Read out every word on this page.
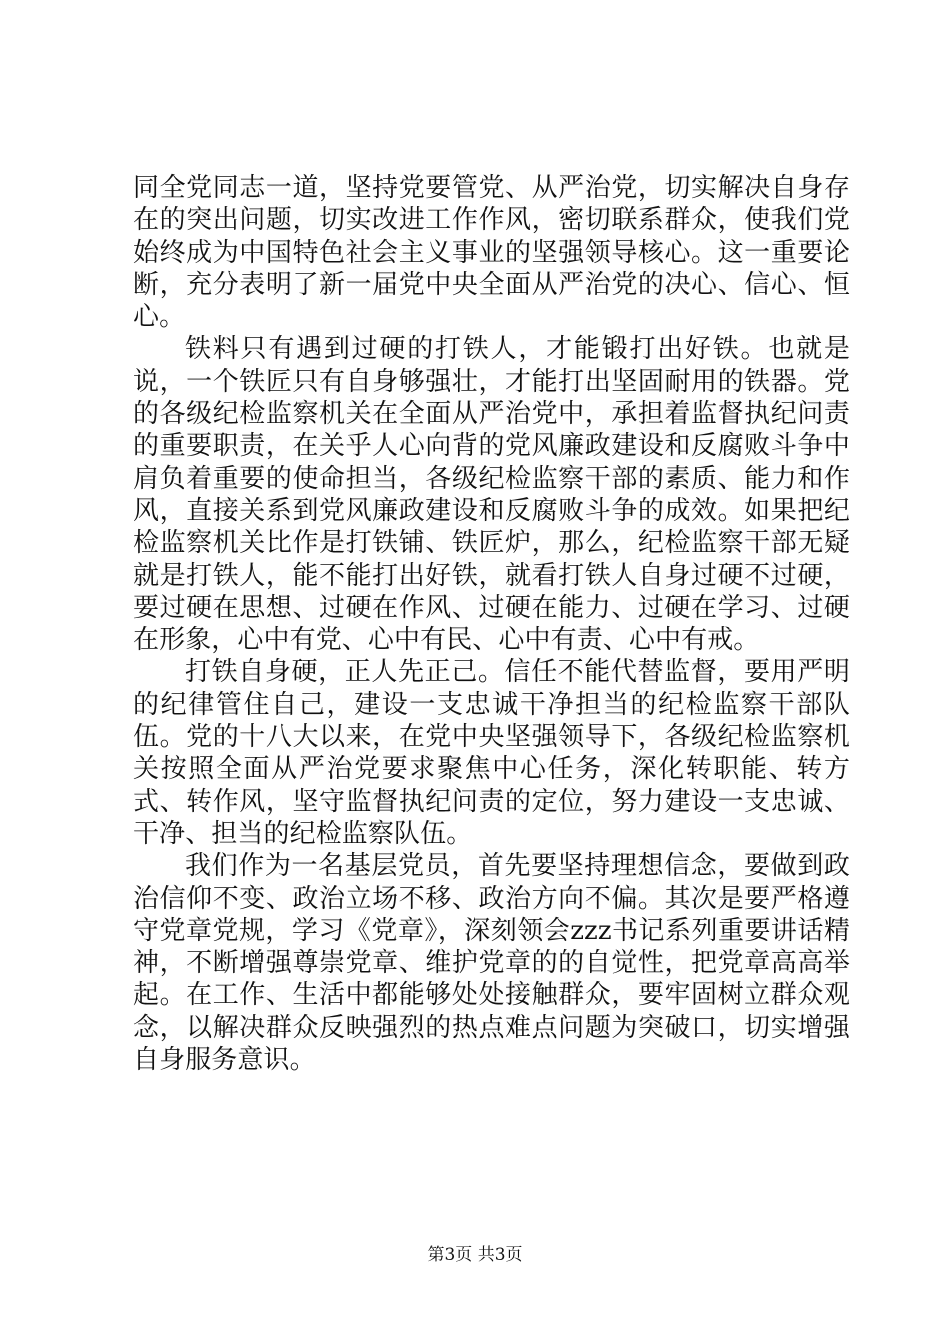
同全党同志一道，坚持党要管党、从严治党，切实解决自身存在的突出问题，切实改进工作作风，密切联系群众，使我们党始终成为中国特色社会主义事业的坚强领导核心。这一重要论断，充分表明了新一届党中央全面从严治党的决心、信心、恒心。

铁料只有遇到过硬的打铁人，才能锻打出好铁。也就是说，一个铁匠只有自身够强壮，才能打出坚固耐用的铁器。党的各级纪检监察机关在全面从严治党中，承担着监督执纪问责的重要职责，在关乎人心向背的党风廉政建设和反腐败斗争中肩负着重要的使命担当，各级纪检监察干部的素质、能力和作风，直接关系到党风廉政建设和反腐败斗争的成效。如果把纪检监察机关比作是打铁铺、铁匠炉，那么，纪检监察干部无疑就是打铁人，能不能打出好铁，就看打铁人自身过硬不过硬，要过硬在思想、过硬在作风、过硬在能力、过硬在学习、过硬在形象，心中有党、心中有民、心中有责、心中有戒。

打铁自身硬，正人先正己。信任不能代替监督，要用严明的纪律管住自己，建设一支忠诚干净担当的纪检监察干部队伍。党的十八大以来，在党中央坚强领导下，各级纪检监察机关按照全面从严治党要求聚焦中心任务，深化转职能、转方式、转作风，坚守监督执纪问责的定位，努力建设一支忠诚、干净、担当的纪检监察队伍。

我们作为一名基层党员，首先要坚持理想信念，要做到政治信仰不变、政治立场不移、政治方向不偏。其次是要严格遵守党章党规，学习《党章》，深刻领会zzz书记系列重要讲话精神，不断增强尊崇党章、维护党章的的自觉性，把党章高高举起。在工作、生活中都能够处处接触群众，要牢固树立群众观念，以解决群众反映强烈的热点难点问题为突破口，切实增强自身服务意识。

第3页 共3页
